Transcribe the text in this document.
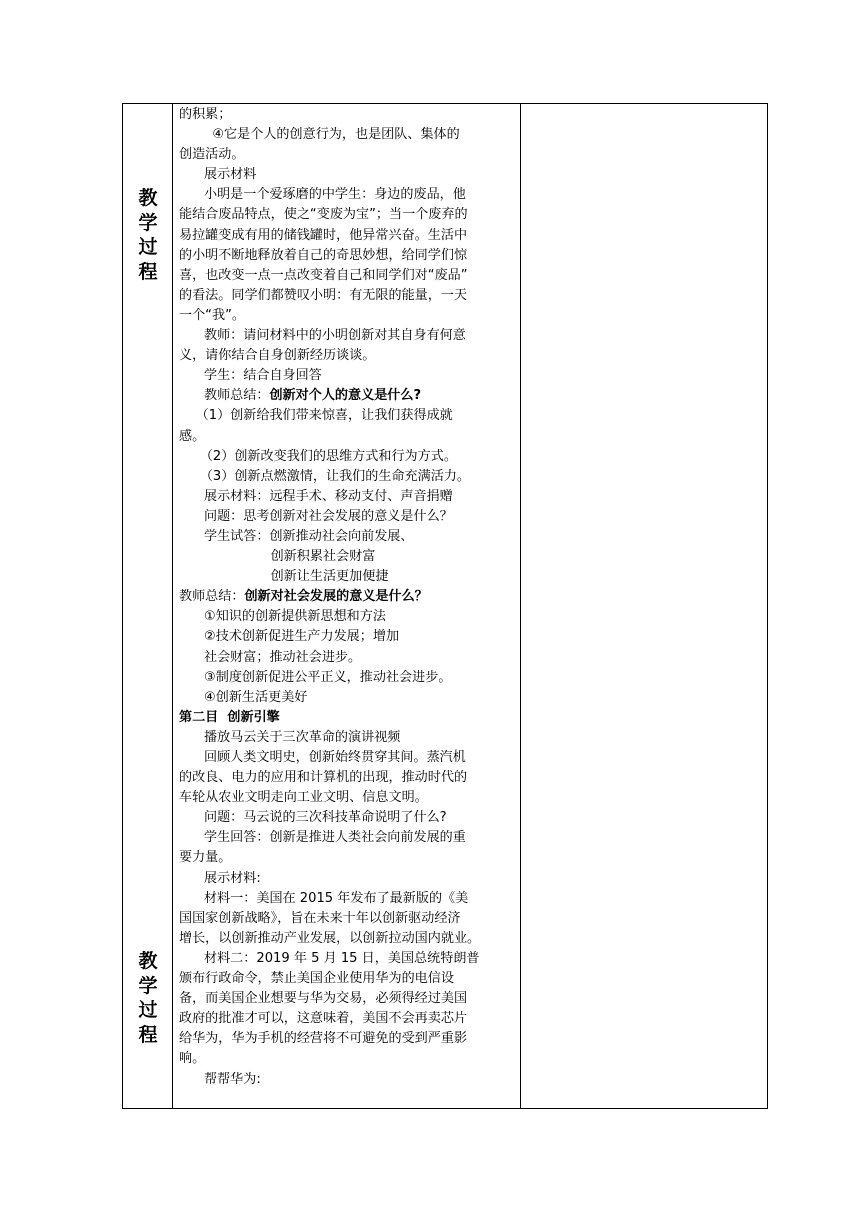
教
学
过
程
教
学
过
程

的积累；

④它是个人的创意行为，也是团队、集体的

创造活动。

展示材料

小明是一个爱琢磨的中学生：身边的废品，他

能结合废品特点，使之“变废为宝”；当一个废弃的

易拉罐变成有用的储钱罐时，他异常兴奋。生活中

的小明不断地释放着自己的奇思妙想，给同学们惊

喜，也改变一点一点改变着自己和同学们对“废品”

的看法。同学们都赞叹小明：有无限的能量，一天

一个“我”。

教师：请问材料中的小明创新对其自身有何意

义，请你结合自身创新经历谈谈。

学生：结合自身回答

教师总结：创新对个人的意义是什么?

（1）创新给我们带来惊喜，让我们获得成就

感。

（2）创新改变我们的思维方式和行为方式。

（3）创新点燃激情，让我们的生命充满活力。

展示材料：远程手术、移动支付、声音捐赠

问题：思考创新对社会发展的意义是什么？

学生试答：创新推动社会向前发展、

创新积累社会财富

创新让生活更加便捷

教师总结：创新对社会发展的意义是什么？

①知识的创新提供新思想和方法

②技术创新促进生产力发展；增加

社会财富；推动社会进步。

③制度创新促进公平正义，推动社会进步。

④创新生活更美好

第二目  创新引擎

播放马云关于三次革命的演讲视频

回顾人类文明史，创新始终贯穿其间。蒸汽机

的改良、电力的应用和计算机的出现，推动时代的

车轮从农业文明走向工业文明、信息文明。

问题：马云说的三次科技革命说明了什么?

学生回答：创新是推进人类社会向前发展的重

要力量。

展示材料:

材料一：美国在 2015 年发布了最新版的《美

国国家创新战略》，旨在未来十年以创新驱动经济

增长，以创新推动产业发展，以创新拉动国内就业。

材料二：2019 年 5 月 15 日，美国总统特朗普

颁布行政命令，禁止美国企业使用华为的电信设

备，而美国企业想要与华为交易，必须得经过美国

政府的批准才可以，这意味着，美国不会再卖芯片

给华为，华为手机的经营将不可避免的受到严重影

响。

帮帮华为:
